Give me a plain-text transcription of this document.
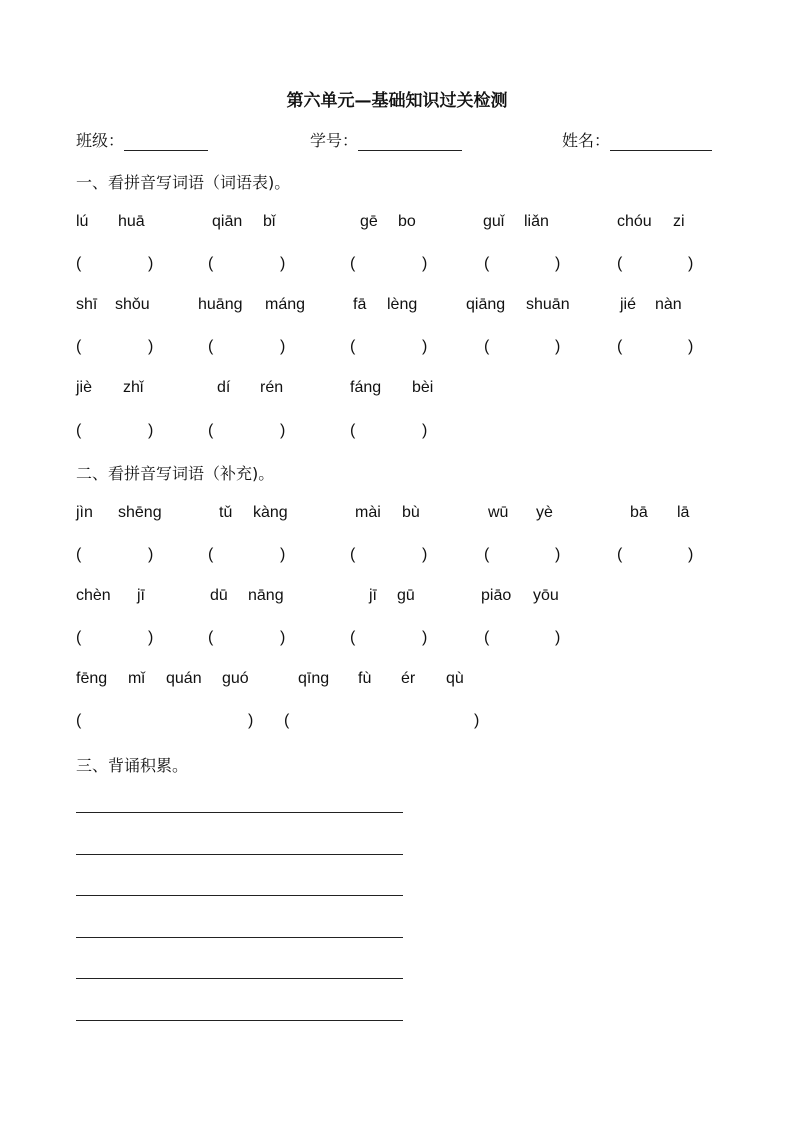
第六单元—基础知识过关检测
班级：	学号：	姓名：
一、看拼音写词语（词语表)。
lú huā	qiān bǐ	gē bo	guǐ liǎn	chóu zi
(	)	(	)	(	)	(	)	(	)
shī shǒu	huāng máng	fā lèng	qiāng shuān	jié nàn
(	)	(	)	(	)	(	)	(	)
jiè zhǐ	dí rén	fáng bèi
(	)	(	)	(	)
二、看拼音写词语（补充)。
jìn shēng	tǔ kàng	mài bù	wū yè	bā lā
(	)	(	)	(	)	(	)	(	)
chèn jī	dū nāng	jī gū	piāo yōu
(	)	(	)	(	)	(	)
fēng mǐ quán guó	qīng fù ér qù
(	) (	)
三、背诵积累。
